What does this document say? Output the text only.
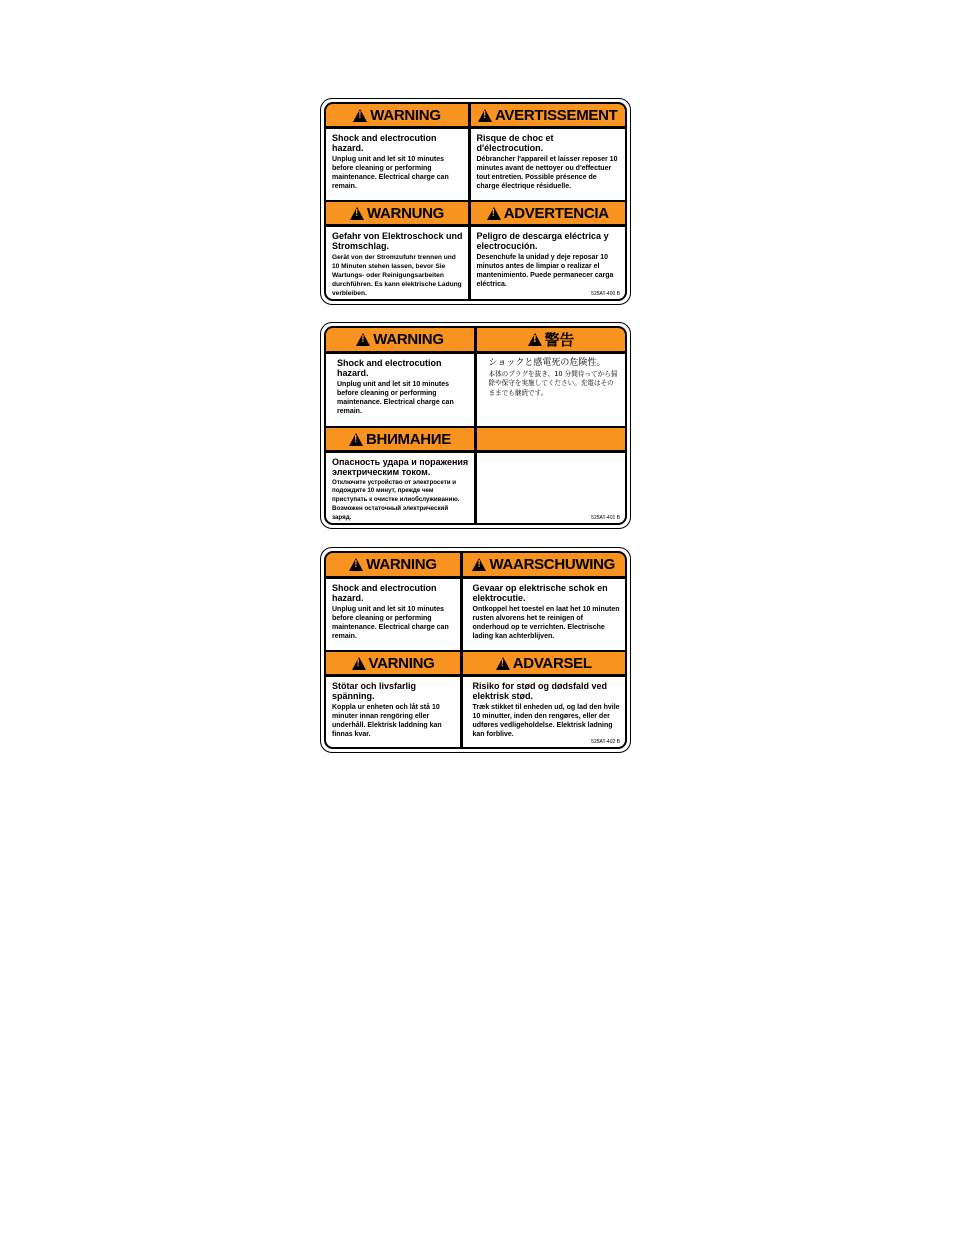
!
WARNING !	AVERTISSEMENT
Shock and electrocution hazard.
Unplug unit and let sit 10 minutes before cleaning or performing maintenance. Electrical charge can remain.
Risque de choc et d'électrocution.
Débrancher l'appareil et laisser reposer 10 minutes avant de nettoyer ou d'effectuer tout entretien. Possible présence de charge électrique résiduelle.
!
WARNUNG !	ADVERTENCIA
Gefahr von Elektroschock und Stromschlag.
Gerät von der Stromzufuhr trennen und 10 Minuten stehen lassen, bevor Sie Wartungs- oder Reinigungsarbeiten durchführen. Es kann elektrische Ladung verbleiben.
Peligro de descarga eléctrica y electrocución.
Desenchufe la unidad y deje reposar 10 minutos antes de limpiar o realizar el mantenimiento. Puede permanecer carga eléctrica.
525AT-400 B
!
WARNING !	警告
Shock and electrocution hazard.
Unplug unit and let sit 10 minutes before cleaning or performing maintenance. Electrical charge can remain.
ショックと感電死の危険性。
本体のプラグを抜き、10 分間待ってから掃除や保守を実施してください。充電はそのままでも継続です。
!
ВНИМАНИЕ
Опасность удара и поражения электрическим током.
Отключите устройство от электросети и подождите 10 минут, прежде чем приступать к очистке илиобслуживанию. Возможен остаточный электрический заряд.	525AT-401 B
!
WARNING !	WAARSCHUWING
Shock and electrocution hazard.
Unplug unit and let sit 10 minutes before cleaning or performing maintenance. Electrical charge can remain.
Gevaar op elektrische schok en elektrocutie.
Ontkoppel het toestel en laat het 10 minuten rusten alvorens het te reinigen of onderhoud op te verrichten. Electrische lading kan achterblijven.
!
VARNING !	ADVARSEL
Stötar och livsfarlig spänning.
Koppla ur enheten och låt stå 10 minuter innan rengöring eller underhåll. Elektrisk laddning kan finnas kvar.
Risiko for stød og dødsfald ved elektrisk stød.
Træk stikket til enheden ud, og lad den hvile 10 minutter, inden den rengøres, eller der udføres vedligeholdelse. Elektrisk ladning kan forblive.
525AT-402 B
